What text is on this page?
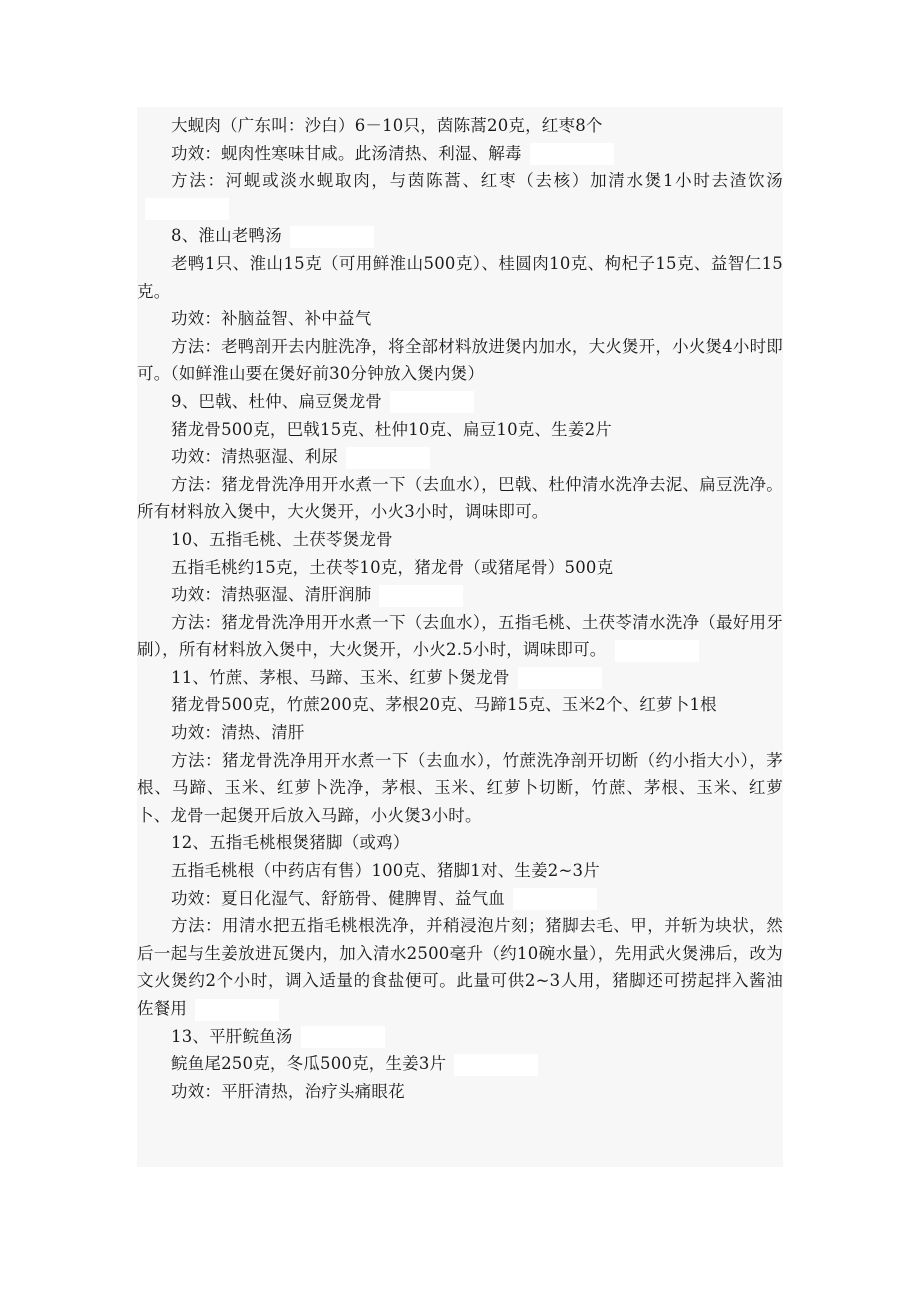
大蚬肉（广东叫：沙白）6－10只，茵陈蒿20克，红枣8个

功效：蚬肉性寒味甘咸。此汤清热、利湿、解毒

方法：河蚬或淡水蚬取肉，与茵陈蒿、红枣（去核）加清水煲1小时去渣饮汤

8、淮山老鸭汤

老鸭1只、淮山15克（可用鲜淮山500克）、桂圆肉10克、枸杞子15克、益智仁15克。

功效：补脑益智、补中益气

方法：老鸭剖开去内脏洗净，将全部材料放进煲内加水，大火煲开，小火煲4小时即可。（如鲜淮山要在煲好前30分钟放入煲内煲）

9、巴戟、杜仲、扁豆煲龙骨

猪龙骨500克，巴戟15克、杜仲10克、扁豆10克、生姜2片

功效：清热驱湿、利尿

方法：猪龙骨洗净用开水煮一下（去血水），巴戟、杜仲清水洗净去泥、扁豆洗净。所有材料放入煲中，大火煲开，小火3小时，调味即可。

10、五指毛桃、土茯苓煲龙骨

五指毛桃约15克，土茯苓10克，猪龙骨（或猪尾骨）500克

功效：清热驱湿、清肝润肺

方法：猪龙骨洗净用开水煮一下（去血水），五指毛桃、土茯苓清水洗净（最好用牙刷），所有材料放入煲中，大火煲开，小火2.5小时，调味即可。

11、竹蔗、茅根、马蹄、玉米、红萝卜煲龙骨

猪龙骨500克，竹蔗200克、茅根20克、马蹄15克、玉米2个、红萝卜1根

功效：清热、清肝

方法：猪龙骨洗净用开水煮一下（去血水），竹蔗洗净剖开切断（约小指大小），茅根、马蹄、玉米、红萝卜洗净，茅根、玉米、红萝卜切断，竹蔗、茅根、玉米、红萝卜、龙骨一起煲开后放入马蹄，小火煲3小时。

12、五指毛桃根煲猪脚（或鸡）

五指毛桃根（中药店有售）100克、猪脚1对、生姜2~3片

功效：夏日化湿气、舒筋骨、健脾胃、益气血

方法：用清水把五指毛桃根洗净，并稍浸泡片刻；猪脚去毛、甲，并斩为块状，然后一起与生姜放进瓦煲内，加入清水2500毫升（约10碗水量），先用武火煲沸后，改为文火煲约2个小时，调入适量的食盐便可。此量可供2~3人用，猪脚还可捞起拌入酱油佐餐用

13、平肝鲩鱼汤

鲩鱼尾250克，冬瓜500克，生姜3片

功效：平肝清热，治疗头痛眼花
